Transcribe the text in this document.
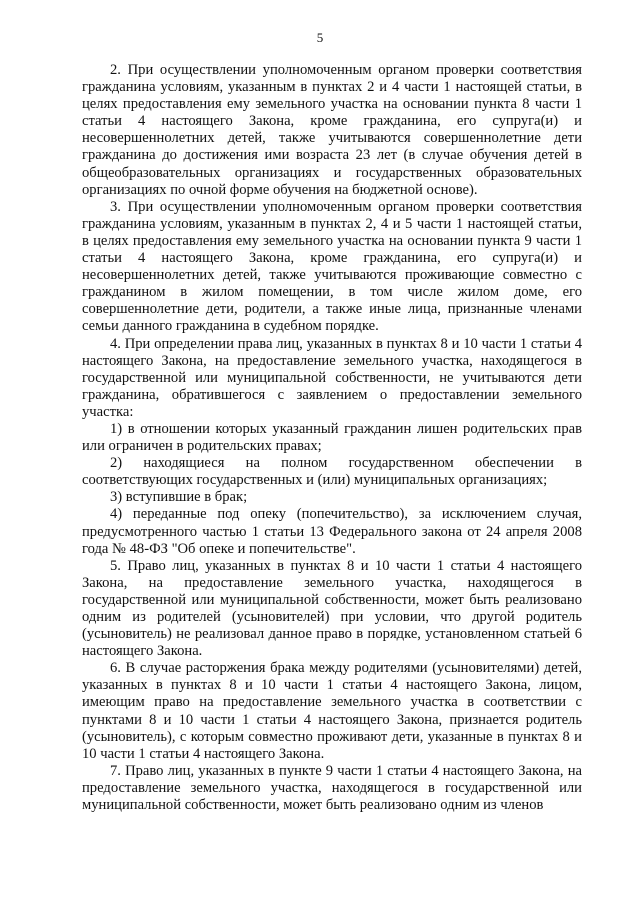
5

2. При осуществлении уполномоченным органом проверки соответствия гражданина условиям, указанным в пунктах 2 и 4 части 1 настоящей статьи, в целях предоставления ему земельного участка на основании пункта 8 части 1 статьи 4 настоящего Закона, кроме гражданина, его супруга(и) и несовершеннолетних детей, также учитываются совершеннолетние дети гражданина до достижения ими возраста 23 лет (в случае обучения детей в общеобразовательных организациях и государственных образовательных организациях по очной форме обучения на бюджетной основе).

3. При осуществлении уполномоченным органом проверки соответствия гражданина условиям, указанным в пунктах 2, 4 и 5 части 1 настоящей статьи, в целях предоставления ему земельного участка на основании пункта 9 части 1 статьи 4 настоящего Закона, кроме гражданина, его супруга(и) и несовершеннолетних детей, также учитываются проживающие совместно с гражданином в жилом помещении, в том числе жилом доме, его совершеннолетние дети, родители, а также иные лица, признанные членами семьи данного гражданина в судебном порядке.

4. При определении права лиц, указанных в пунктах 8 и 10 части 1 статьи 4 настоящего Закона, на предоставление земельного участка, находящегося в государственной или муниципальной собственности, не учитываются дети гражданина, обратившегося с заявлением о предоставлении земельного участка:

1) в отношении которых указанный гражданин лишен родительских прав или ограничен в родительских правах;

2) находящиеся на полном государственном обеспечении в соответствующих государственных и (или) муниципальных организациях;

3) вступившие в брак;

4) переданные под опеку (попечительство), за исключением случая, предусмотренного частью 1 статьи 13 Федерального закона от 24 апреля 2008 года № 48-ФЗ "Об опеке и попечительстве".

5. Право лиц, указанных в пунктах 8 и 10 части 1 статьи 4 настоящего Закона, на предоставление земельного участка, находящегося в государственной или муниципальной собственности, может быть реализовано одним из родителей (усыновителей) при условии, что другой родитель (усыновитель) не реализовал данное право в порядке, установленном статьей 6 настоящего Закона.

6. В случае расторжения брака между родителями (усыновителями) детей, указанных в пунктах 8 и 10 части 1 статьи 4 настоящего Закона, лицом, имеющим право на предоставление земельного участка в соответствии с пунктами 8 и 10 части 1 статьи 4 настоящего Закона, признается родитель (усыновитель), с которым совместно проживают дети, указанные в пунктах 8 и 10 части 1 статьи 4 настоящего Закона.

7. Право лиц, указанных в пункте 9 части 1 статьи 4 настоящего Закона, на предоставление земельного участка, находящегося в государственной или муниципальной собственности, может быть реализовано одним из членов
